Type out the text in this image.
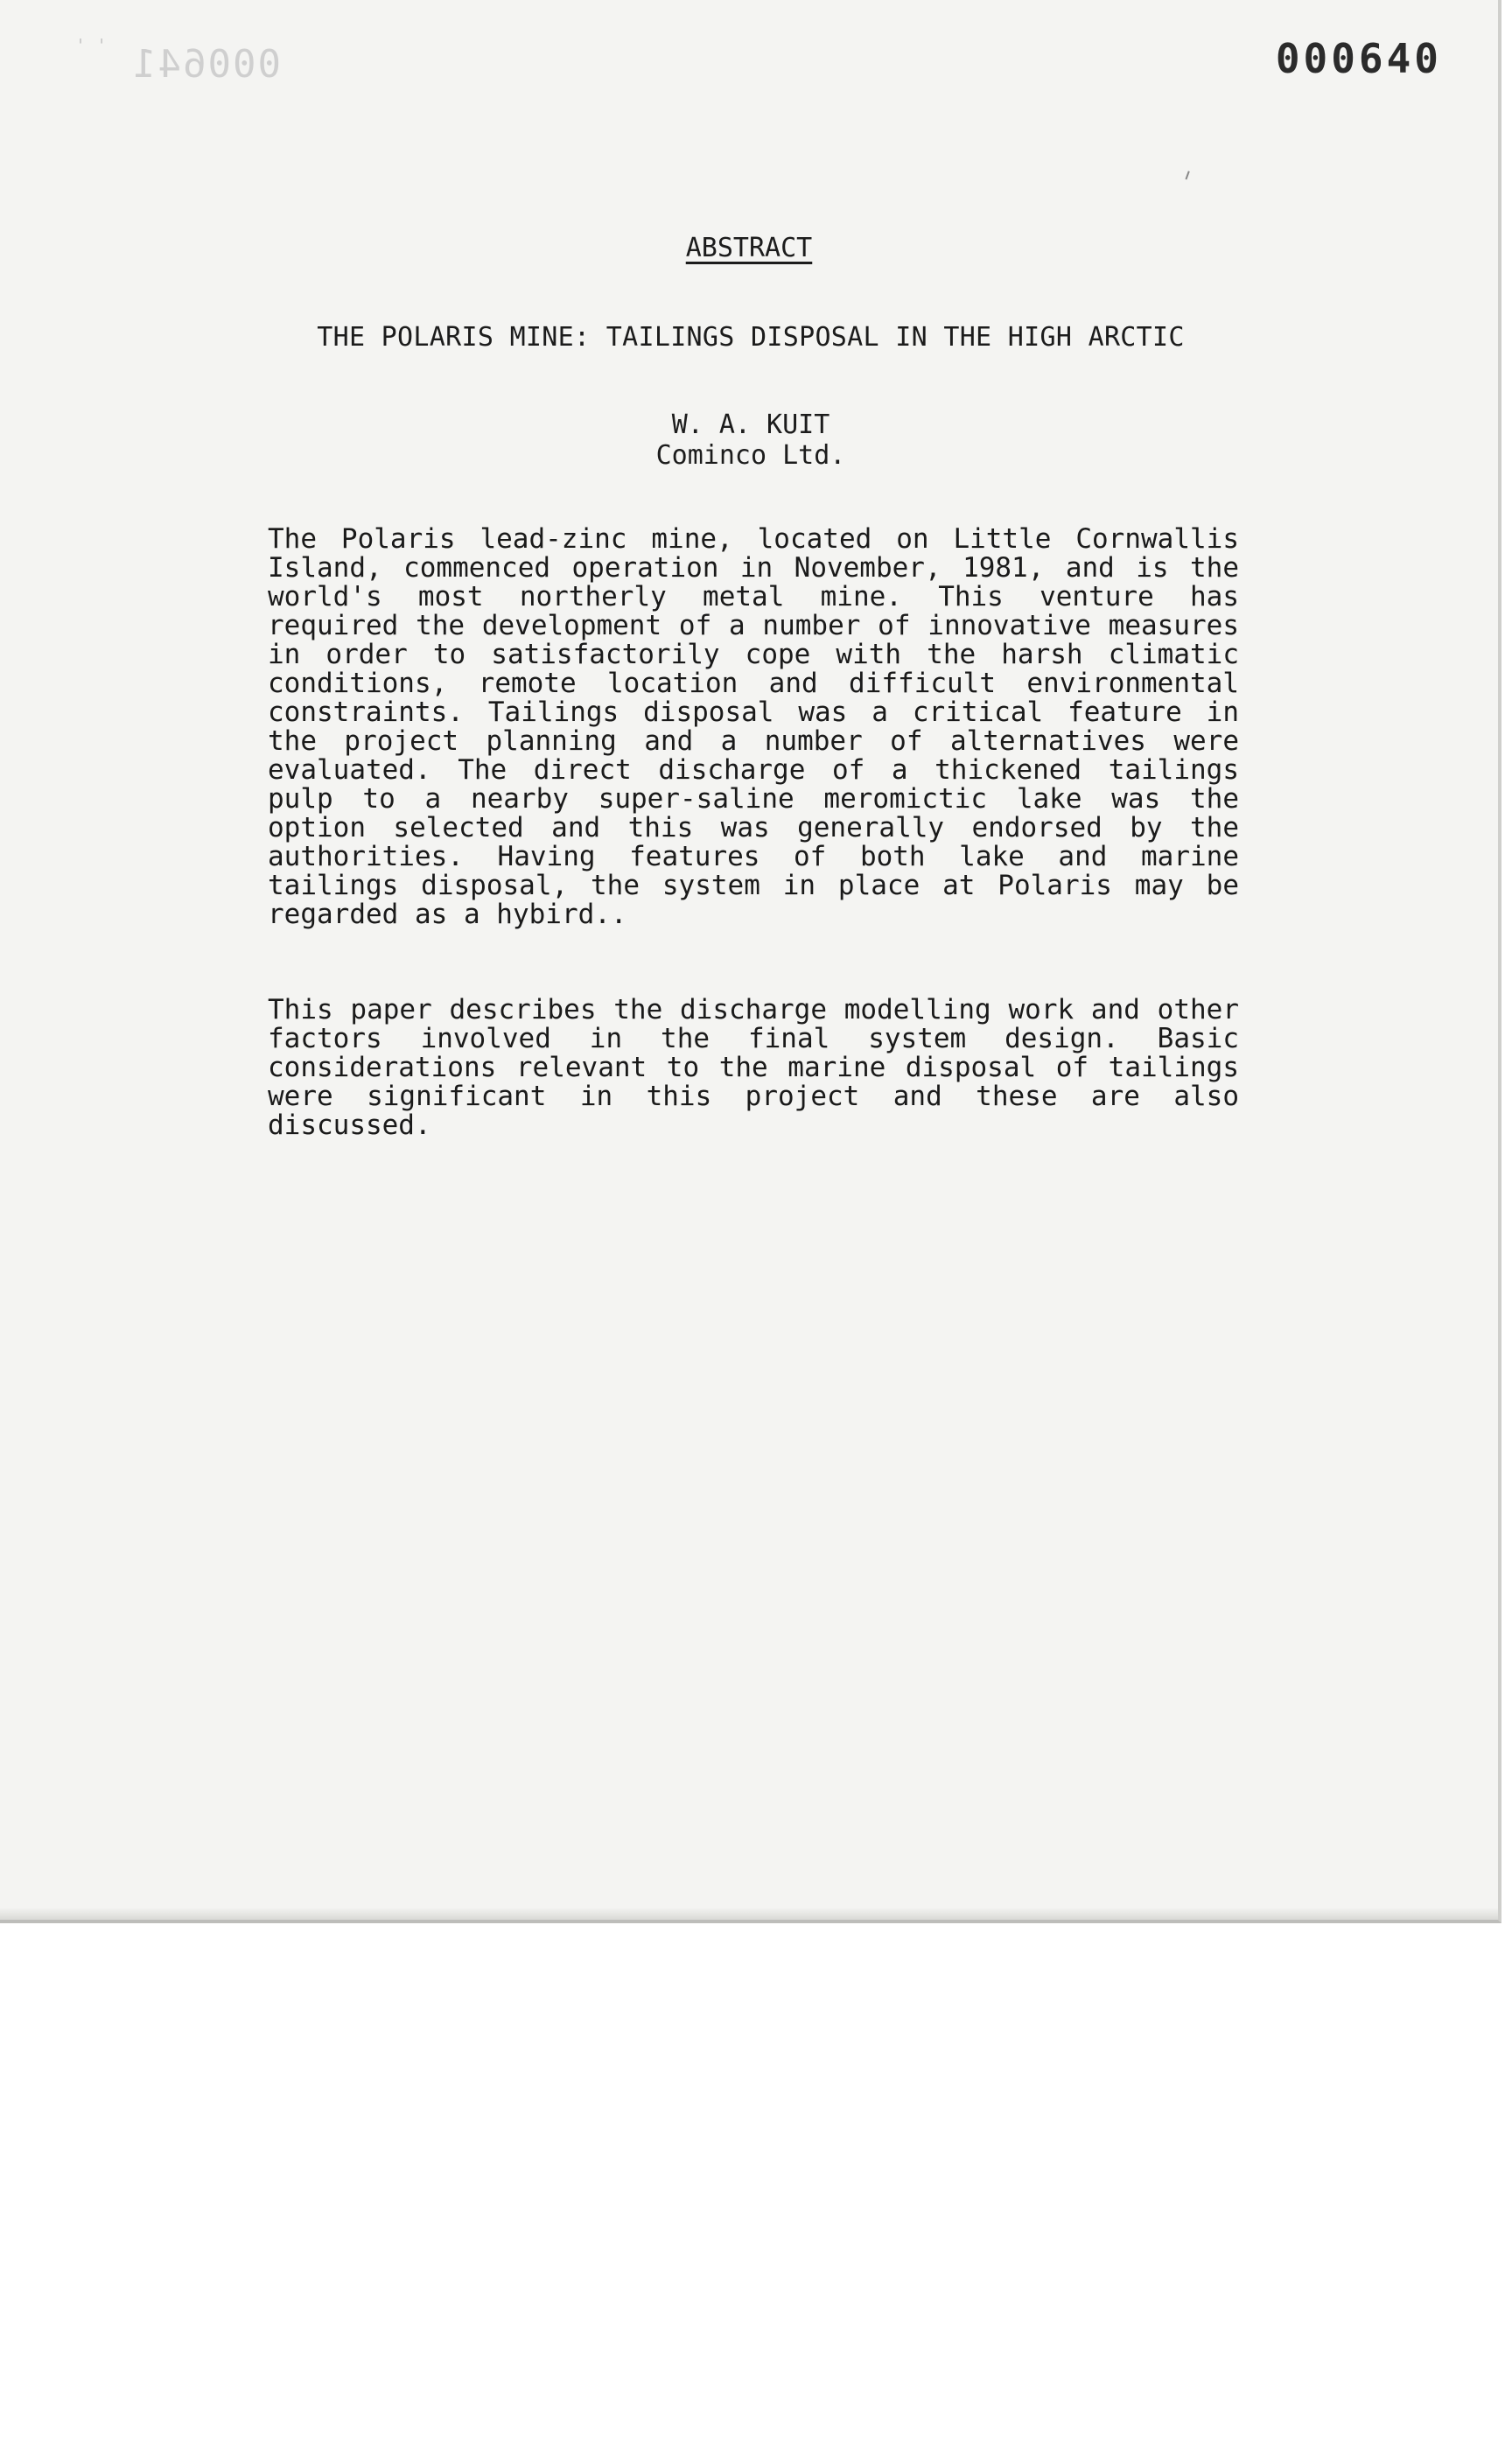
' ' 000641	000640
ABSTRACT
THE POLARIS MINE: TAILINGS DISPOSAL IN THE HIGH ARCTIC
W. A. KUIT
Cominco Ltd.

The Polaris lead-zinc mine, located on Little Cornwallis Island, commenced operation in November, 1981, and is the world's most northerly metal mine. This venture has required the development of a number of innovative measures in order to satisfactorily cope with the harsh climatic conditions, remote location and difficult environmental constraints. Tailings disposal was a critical feature in the project planning and a number of alternatives were evaluated. The direct discharge of a thickened tailings pulp to a nearby super-saline meromictic lake was the option selected and this was generally endorsed by the authorities. Having features of both lake and marine tailings disposal, the system in place at Polaris may be regarded as a hybird..

This paper describes the discharge modelling work and other factors involved in the final system design. Basic considerations relevant to the marine disposal of tailings were significant in this project and these are also discussed.
